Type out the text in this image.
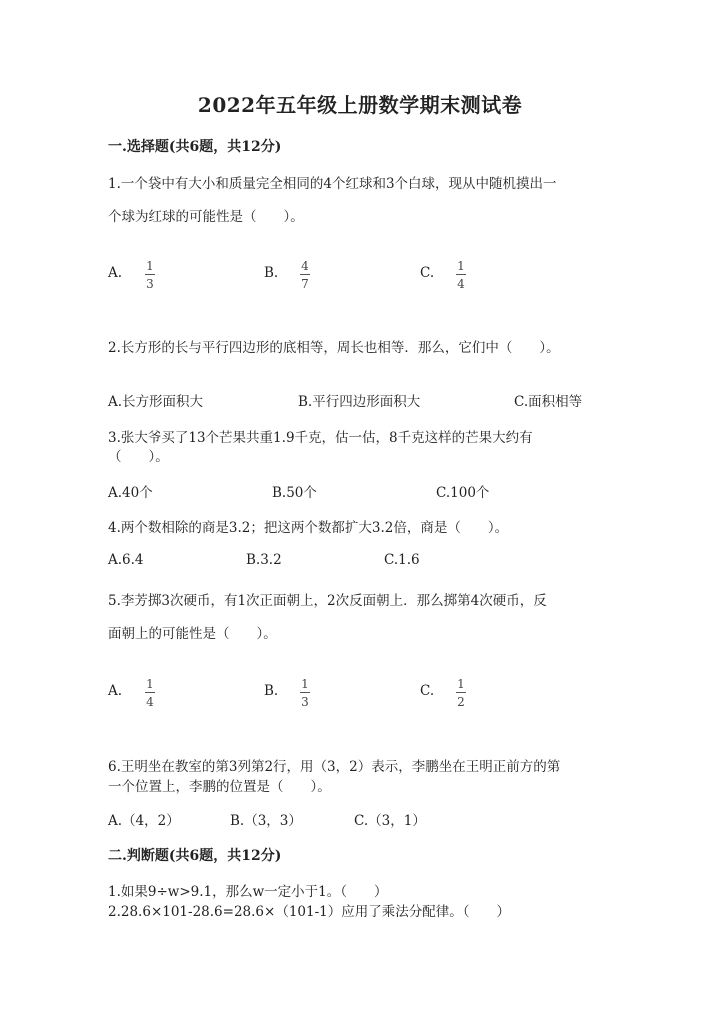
2022年五年级上册数学期末测试卷
一.选择题(共6题，共12分)
1.一个袋中有大小和质量完全相同的4个红球和3个白球，现从中随机摸出一
个球为红球的可能性是（　　）。
A. 1
3
B. 4
7
C. 1
4
2.长方形的长与平行四边形的底相等，周长也相等．那么，它们中（　　）。
A.长方形面积大	B.平行四边形面积大	C.面积相等
3.张大爷买了13个芒果共重1.9千克，估一估，8千克这样的芒果大约有
（　　）。
A.40个	B.50个	C.100个
4.两个数相除的商是3.2；把这两个数都扩大3.2倍，商是（　　）。
A.6.4	B.3.2	C.1.6
5.李芳掷3次硬币，有1次正面朝上，2次反面朝上．那么掷第4次硬币，反
面朝上的可能性是（　　）。
A. 1
4
B. 1
3
C. 1
2
6.王明坐在教室的第3列第2行，用（3，2）表示，李鹏坐在王明正前方的第
一个位置上，李鹏的位置是（　　）。
A.（4，2）	B.（3，3）	C.（3，1）
二.判断题(共6题，共12分)
1.如果9÷w>9.1，那么w一定小于1。（　　）
2.28.6×101-28.6=28.6×（101-1）应用了乘法分配律。（　　）
